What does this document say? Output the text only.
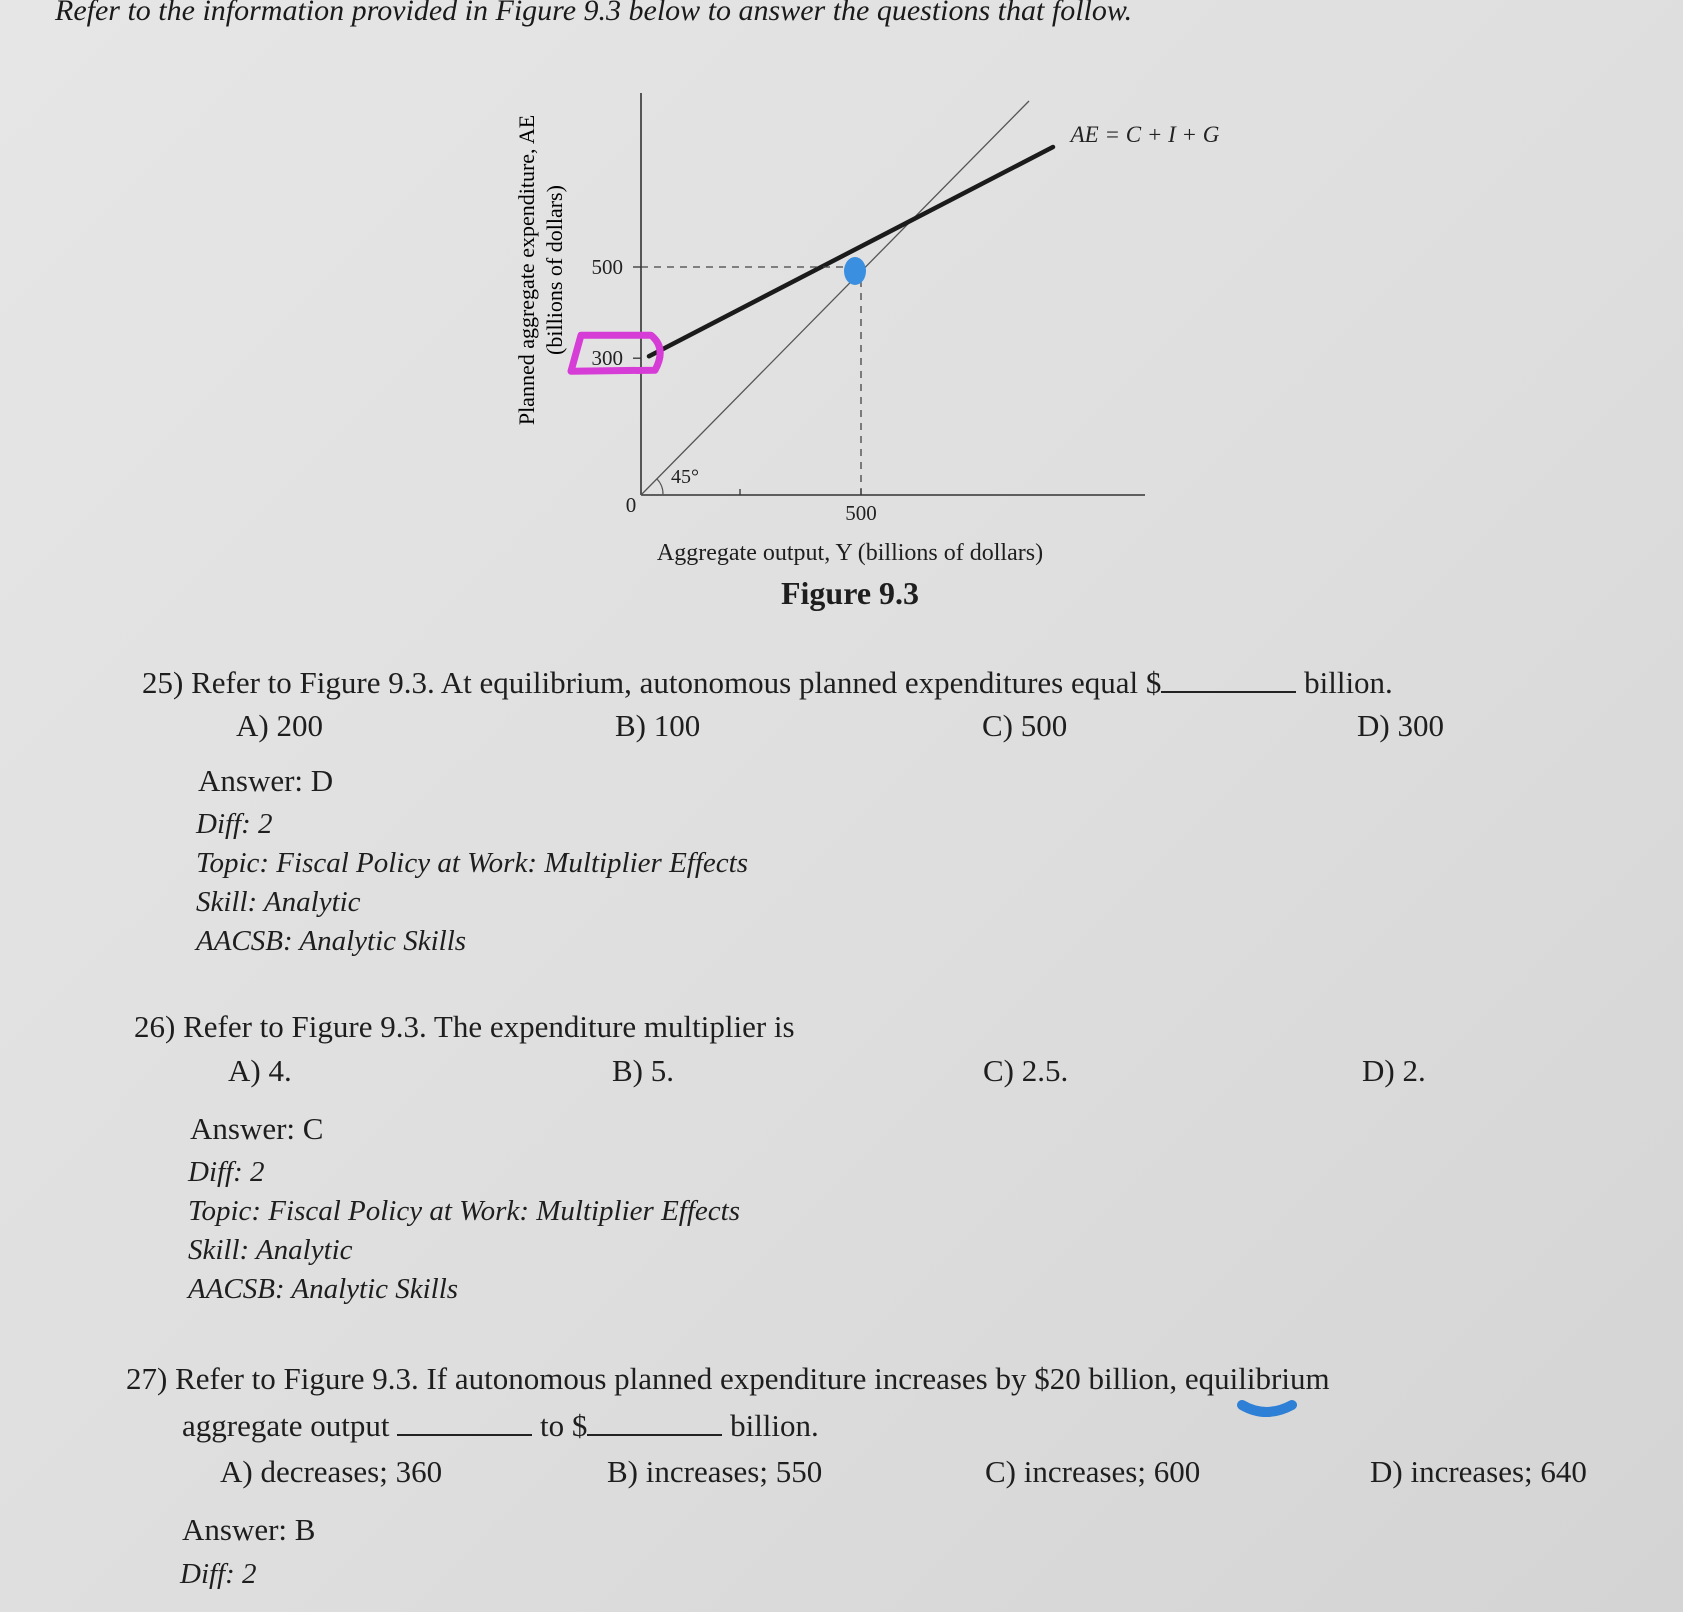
Refer to the information provided in Figure 9.3 below to answer the questions that follow.
Planned aggregate expenditure, AE (billions of dollars) 500
300
0	500
45°
AE = C + I + G
Aggregate output, Y (billions of dollars)
Figure 9.3
25) Refer to Figure 9.3. At equilibrium, autonomous planned expenditures equal $	billion.
A) 200	B) 100	C) 500	D) 300
Answer: D
Diff: 2
Topic: Fiscal Policy at Work: Multiplier Effects
Skill: Analytic
AACSB: Analytic Skills
26) Refer to Figure 9.3. The expenditure multiplier is
A) 4.	B) 5.	C) 2.5.	D) 2.
Answer: C
Diff: 2
Topic: Fiscal Policy at Work: Multiplier Effects
Skill: Analytic
AACSB: Analytic Skills
27) Refer to Figure 9.3. If autonomous planned expenditure increases by $20 billion, equilibrium
aggregate output	to $	billion.
A) decreases; 360	B) increases; 550	C) increases; 600	D) increases; 640
Answer: B
Diff: 2
